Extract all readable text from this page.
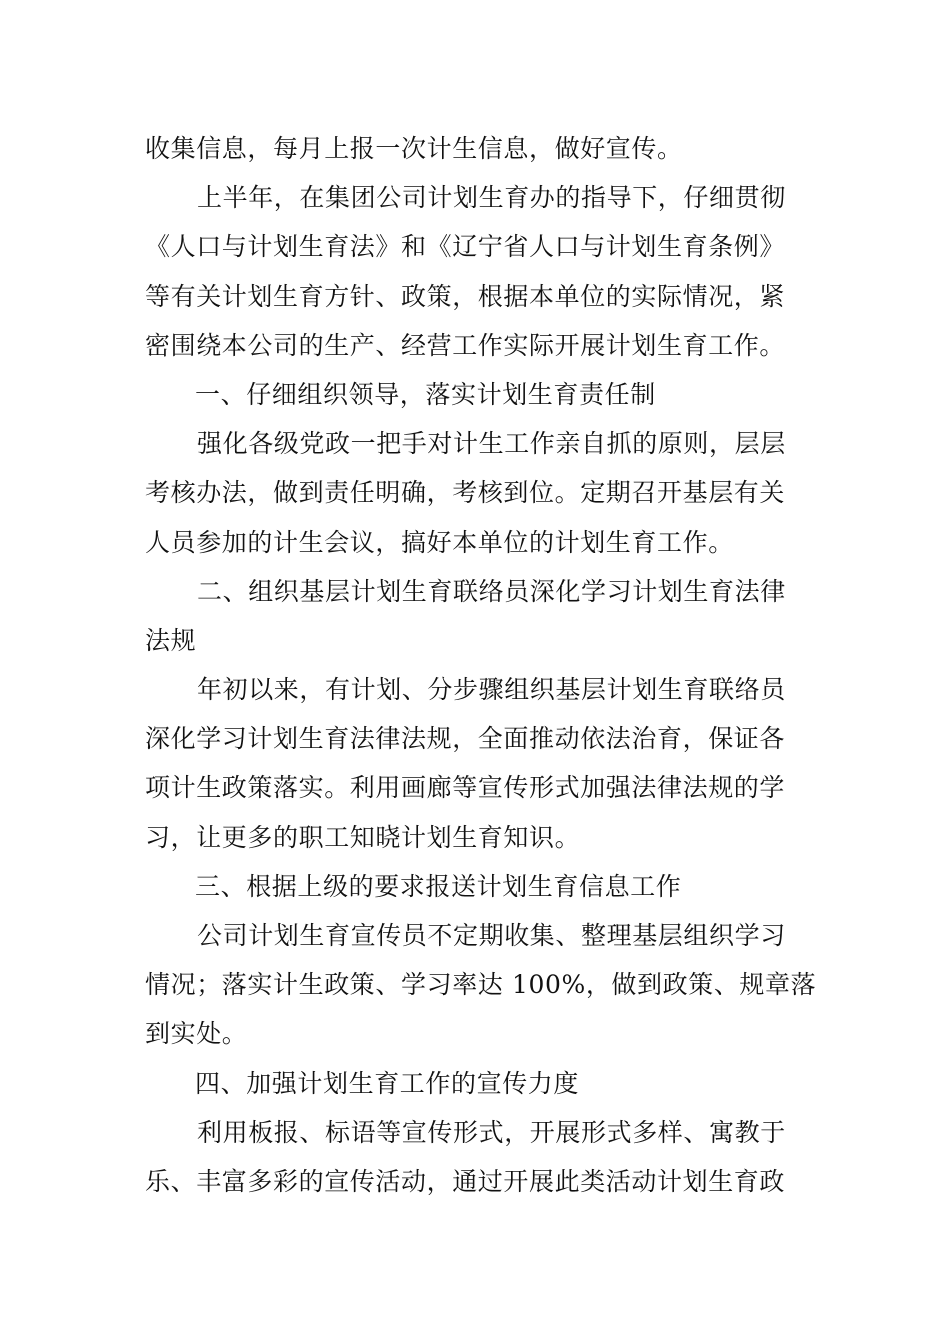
收集信息，每月上报一次计生信息，做好宣传。
上半年，在集团公司计划生育办的指导下，仔细贯彻
《人口与计划生育法》和《辽宁省人口与计划生育条例》
等有关计划生育方针、政策，根据本单位的实际情况，紧
密围绕本公司的生产、经营工作实际开展计划生育工作。
一、仔细组织领导，落实计划生育责任制
强化各级党政一把手对计生工作亲自抓的原则，层层
考核办法，做到责任明确，考核到位。定期召开基层有关
人员参加的计生会议，搞好本单位的计划生育工作。
二、组织基层计划生育联络员深化学习计划生育法律
法规
年初以来，有计划、分步骤组织基层计划生育联络员
深化学习计划生育法律法规，全面推动依法治育，保证各
项计生政策落实。利用画廊等宣传形式加强法律法规的学
习，让更多的职工知晓计划生育知识。
三、根据上级的要求报送计划生育信息工作
公司计划生育宣传员不定期收集、整理基层组织学习
情况；落实计生政策、学习率达 100%，做到政策、规章落
到实处。
四、加强计划生育工作的宣传力度
利用板报、标语等宣传形式，开展形式多样、寓教于
乐、丰富多彩的宣传活动，通过开展此类活动计划生育政
